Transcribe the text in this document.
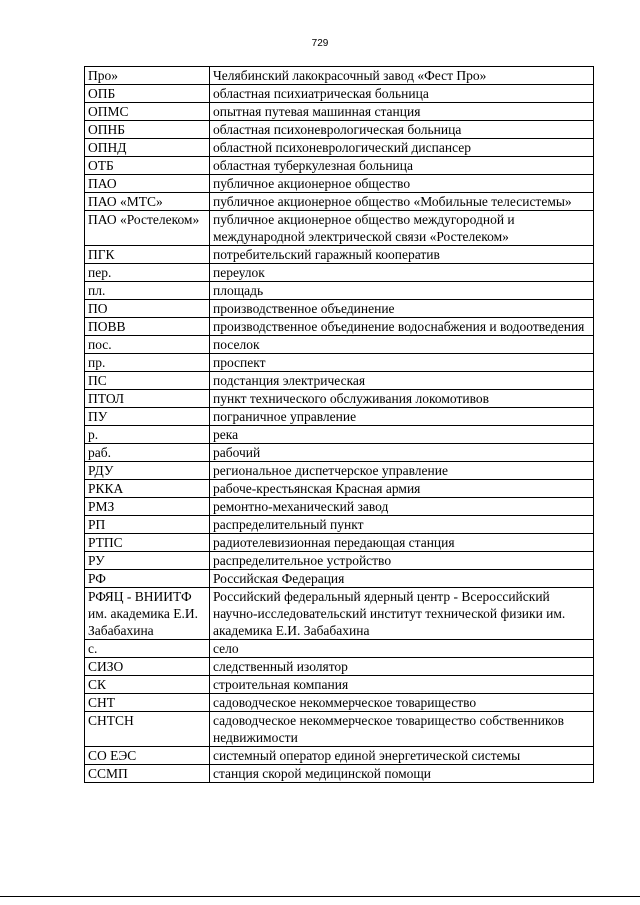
729
Про»	Челябинский лакокрасочный завод «Фест Про»
ОПБ	областная психиатрическая больница
ОПМС	опытная путевая машинная станция
ОПНБ	областная психоневрологическая больница
ОПНД	областной психоневрологический диспансер
ОТБ	областная туберкулезная больница
ПАО	публичное акционерное общество
ПАО «МТС»	публичное акционерное общество «Мобильные телесистемы»
ПАО «Ростелеком»	публичное акционерное общество междугородной и международной электрической связи «Ростелеком»
ПГК	потребительский гаражный кооператив
пер.	переулок
пл.	площадь
ПО	производственное объединение
ПОВВ	производственное объединение водоснабжения и водоотведения
пос.	поселок
пр.	проспект
ПС	подстанция электрическая
ПТОЛ	пункт технического обслуживания локомотивов
ПУ	пограничное управление
р.	река
раб.	рабочий
РДУ	региональное диспетчерское управление
РККА	рабоче-крестьянская Красная армия
РМЗ	ремонтно-механический завод
РП	распределительный пункт
РТПС	радиотелевизионная передающая станция
РУ	распределительное устройство
РФ	Российская Федерация
РФЯЦ - ВНИИТФ им. академика Е.И. Забабахина	Российский федеральный ядерный центр - Всероссийский научно-исследовательский институт технической физики им. академика Е.И. Забабахина
с.	село
СИЗО	следственный изолятор
СК	строительная компания
СНТ	садоводческое некоммерческое товарищество
СНТСН	садоводческое некоммерческое товарищество собственников недвижимости
СО ЕЭС	системный оператор единой энергетической системы
ССМП	станция скорой медицинской помощи
